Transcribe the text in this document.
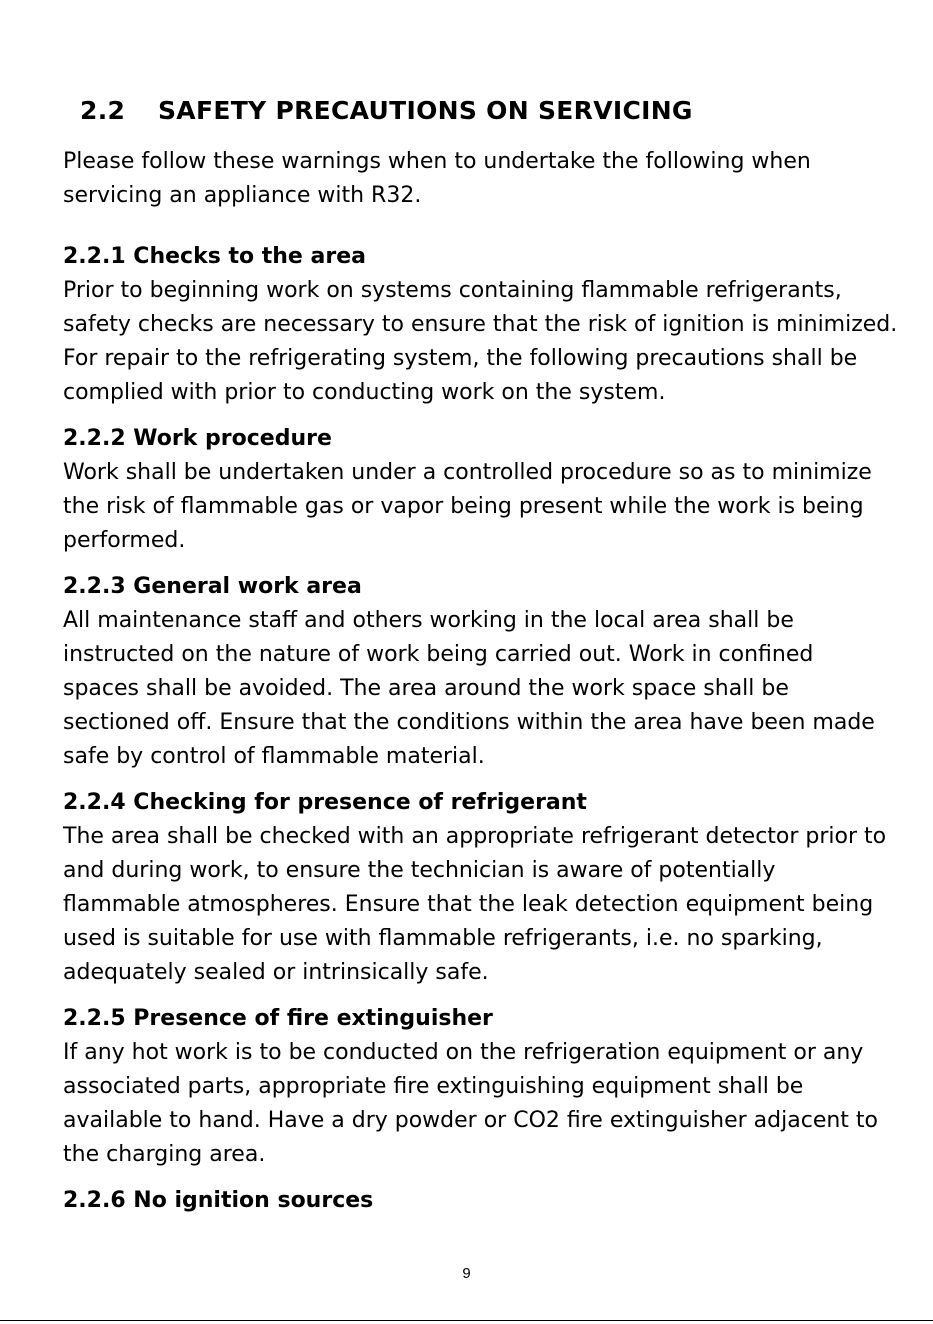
2.2 SAFETY PRECAUTIONS ON SERVICING

Please follow these warnings when to undertake the following when
servicing an appliance with R32.

2.2.1 Checks to the area

Prior to beginning work on systems containing flammable refrigerants,
safety checks are necessary to ensure that the risk of ignition is minimized.
For repair to the refrigerating system, the following precautions shall be
complied with prior to conducting work on the system.

2.2.2 Work procedure

Work shall be undertaken under a controlled procedure so as to minimize
the risk of flammable gas or vapor being present while the work is being
performed.

2.2.3 General work area

All maintenance staff and others working in the local area shall be
instructed on the nature of work being carried out. Work in confined
spaces shall be avoided. The area around the work space shall be
sectioned off. Ensure that the conditions within the area have been made
safe by control of flammable material.

2.2.4 Checking for presence of refrigerant

The area shall be checked with an appropriate refrigerant detector prior to
and during work, to ensure the technician is aware of potentially
flammable atmospheres. Ensure that the leak detection equipment being
used is suitable for use with flammable refrigerants, i.e. no sparking,
adequately sealed or intrinsically safe.

2.2.5 Presence of fire extinguisher

If any hot work is to be conducted on the refrigeration equipment or any
associated parts, appropriate fire extinguishing equipment shall be
available to hand. Have a dry powder or CO2 fire extinguisher adjacent to
the charging area.

2.2.6 No ignition sources
9
